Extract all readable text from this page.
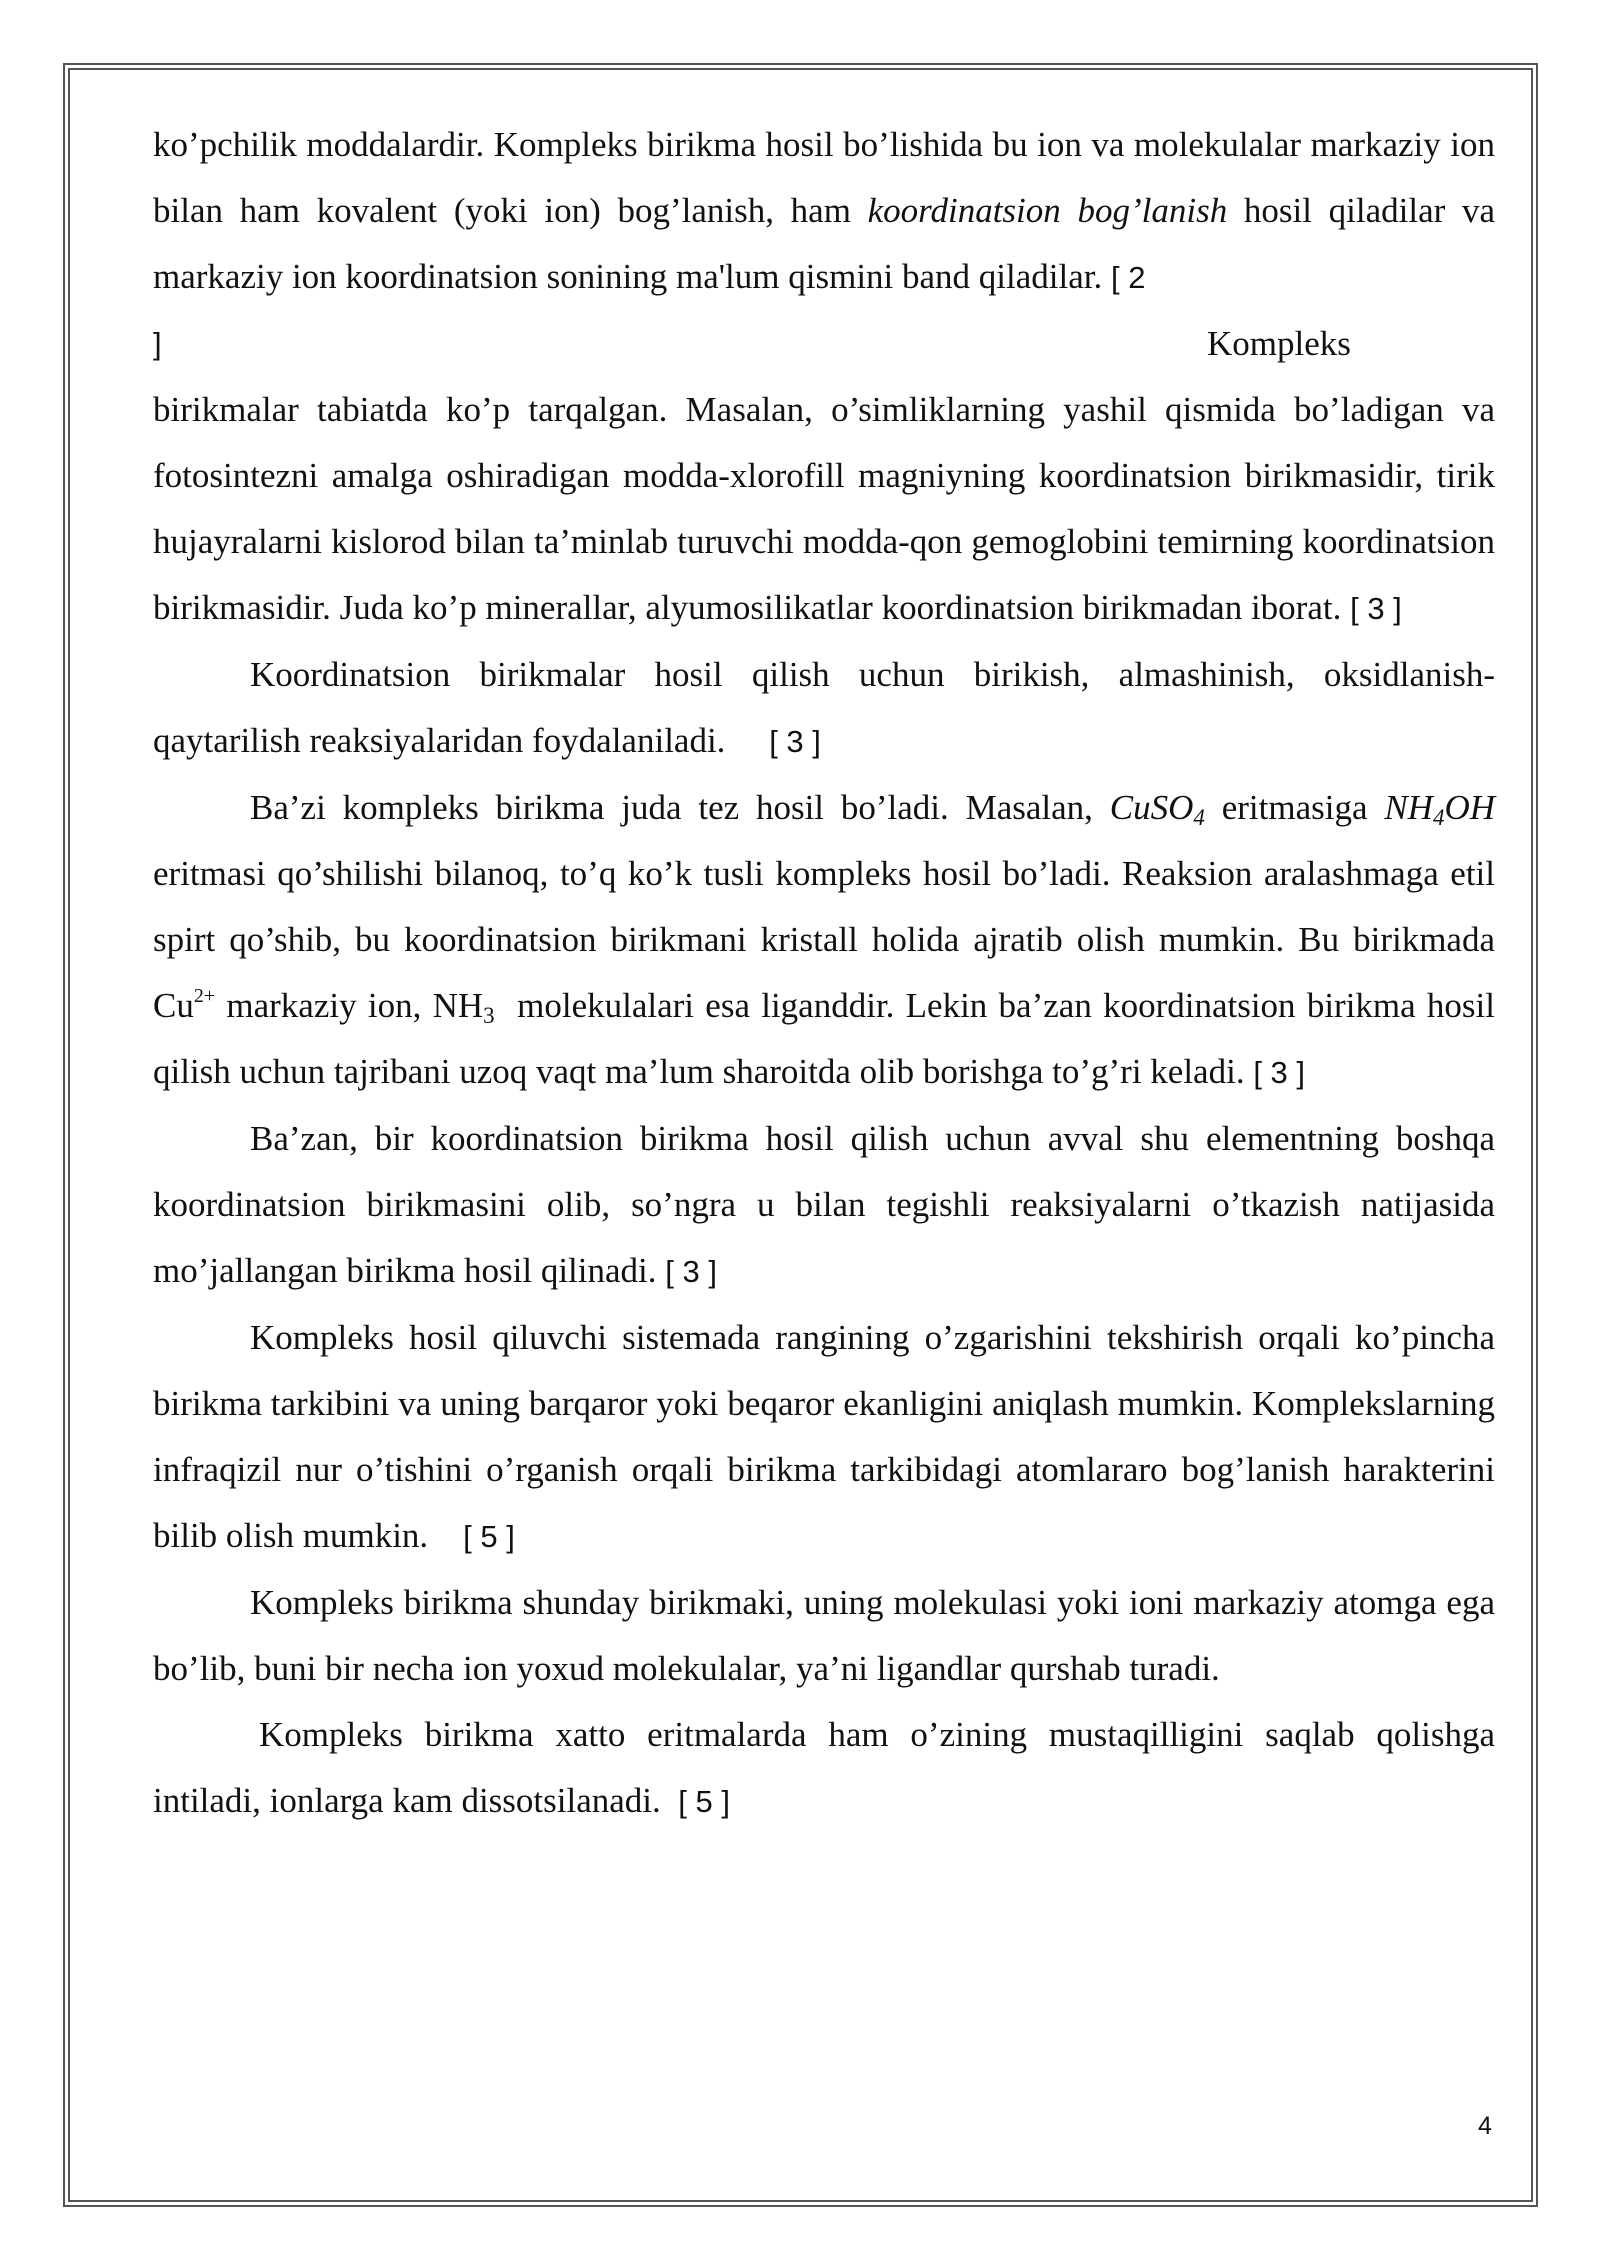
ko’pchilik moddalardir. Kompleks birikma hosil bo’lishida bu ion va molekulalar markaziy ion bilan ham kovalent (yoki ion) bog’lanish, ham koordinatsion bog’lanish hosil qiladilar va markaziy ion koordinatsion sonining ma'lum qismini band qiladilar. [ 2

]	Kompleks

birikmalar tabiatda ko’p tarqalgan. Masalan, o’simliklarning yashil qismida bo’ladigan va fotosintezni amalga oshiradigan modda-xlorofill magniyning koordinatsion birikmasidir, tirik hujayralarni kislorod bilan ta’minlab turuvchi modda-qon gemoglobini temirning koordinatsion birikmasidir. Juda ko’p minerallar, alyumosilikatlar koordinatsion birikmadan iborat. [ 3 ]

Koordinatsion birikmalar hosil qilish uchun birikish, almashinish, oksidlanish-qaytarilish reaksiyalaridan foydalaniladi.     [ 3 ]

Ba’zi kompleks birikma juda tez hosil bo’ladi. Masalan, CuSO$_4$ eritmasiga $NH_4OH$ eritmasi qo’shilishi bilanoq, to’q ko’k tusli kompleks hosil bo’ladi. Reaksion aralashmaga etil spirt qo’shib, bu koordinatsion birikmani kristall holida ajratib olish mumkin. Bu birikmada $Cu^{2+}$ markaziy ion, $NH_3$  molekulalari esa liganddir. Lekin ba’zan koordinatsion birikma hosil qilish uchun tajribani uzoq vaqt ma’lum sharoitda olib borishga to’g’ri keladi. [ 3 ]

Ba’zan, bir koordinatsion birikma hosil qilish uchun avval shu elementning boshqa koordinatsion birikmasini olib, so’ngra u bilan tegishli reaksiyalarni o’tkazish natijasida mo’jallangan birikma hosil qilinadi. [ 3 ]

Kompleks hosil qiluvchi sistemada rangining o’zgarishini tekshirish orqali ko’pincha birikma tarkibini va uning barqaror yoki beqaror ekanligini aniqlash mumkin. Komplekslarning infraqizil nur o’tishini o’rganish orqali birikma tarkibidagi atomlararo bog’lanish harakterini bilib olish mumkin.    [ 5 ]

Kompleks birikma shunday birikmaki, uning molekulasi yoki ioni markaziy atomga ega bo’lib, buni bir necha ion yoxud molekulalar, ya’ni ligandlar qurshab turadi.

Kompleks birikma xatto eritmalarda ham o’zining mustaqilligini saqlab qolishga intiladi, ionlarga kam dissotsilanadi.  [ 5 ]

4
